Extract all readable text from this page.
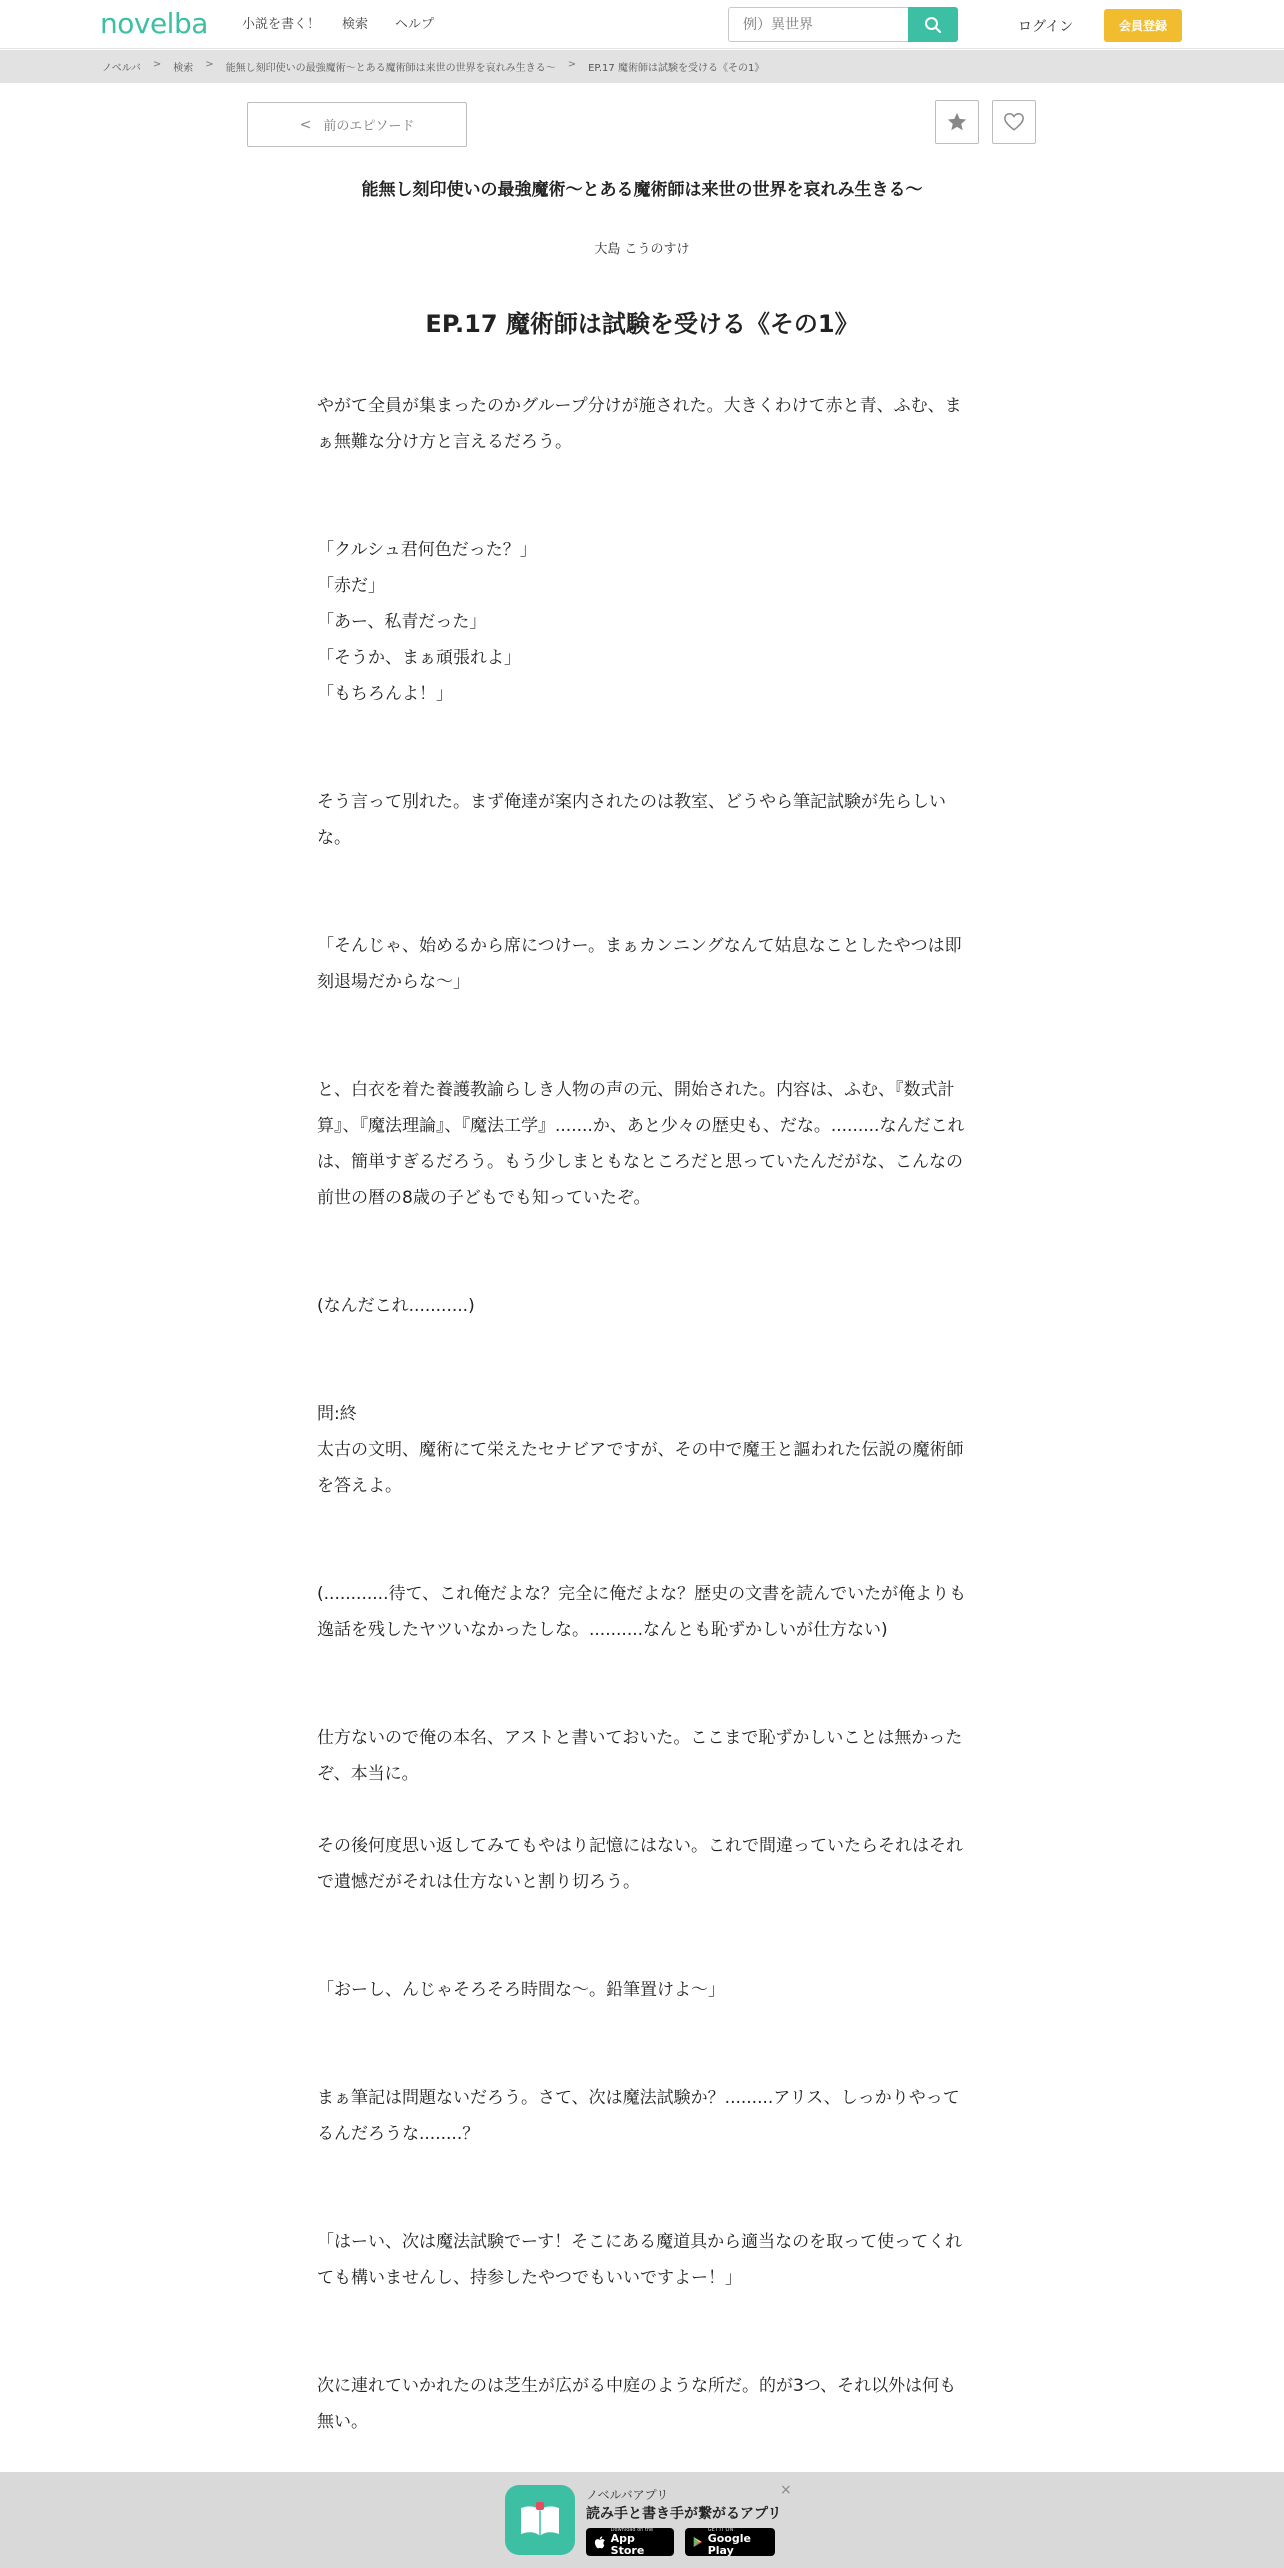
novelba	小説を書く！ 検索 ヘルプ
例）異世界	ログイン	会員登録
ノベルバ > 検索 > 能無し刻印使いの最強魔術〜とある魔術師は来世の世界を哀れみ生きる〜 > EP.17 魔術師は試験を受ける《その1》
< 前のエピソード
能無し刻印使いの最強魔術〜とある魔術師は来世の世界を哀れみ生きる〜
大島 こうのすけ
EP.17 魔術師は試験を受ける《その1》

やがて全員が集まったのかグループ分けが施された。大きくわけて赤と青、ふむ、まぁ無難な分け方と言えるだろう。

「クルシュ君何色だった？」

「赤だ」

「あー、私青だった」

「そうか、まぁ頑張れよ」

「もちろんよ！」

そう言って別れた。まず俺達が案内されたのは教室、どうやら筆記試験が先らしいな。

「そんじゃ、始めるから席につけー。まぁカンニングなんて姑息なことしたやつは即刻退場だからな〜」

と、白衣を着た養護教諭らしき人物の声の元、開始された。内容は、ふむ、『数式計算』、『魔法理論』、『魔法工学』.......か、あと少々の歴史も、だな。.........なんだこれは、簡単すぎるだろう。もう少しまともなところだと思っていたんだがな、こんなの前世の暦の8歳の子どもでも知っていたぞ。

(なんだこれ...........)

問:終

太古の文明、魔術にて栄えたセナビアですが、その中で魔王と謳われた伝説の魔術師を答えよ。

(............待て、これ俺だよな？完全に俺だよな？歴史の文書を読んでいたが俺よりも逸話を残したヤツいなかったしな。..........なんとも恥ずかしいが仕方ない)

仕方ないので俺の本名、アストと書いておいた。ここまで恥ずかしいことは無かったぞ、本当に。

その後何度思い返してみてもやはり記憶にはない。これで間違っていたらそれはそれで遺憾だがそれは仕方ないと割り切ろう。

「おーし、んじゃそろそろ時間な〜。鉛筆置けよ〜」

まぁ筆記は問題ないだろう。さて、次は魔法試験か？.........アリス、しっかりやってるんだろうな........？

「はーい、次は魔法試験でーす！そこにある魔道具から適当なのを取って使ってくれても構いませんし、持参したやつでもいいですよー！」

次に連れていかれたのは芝生が広がる中庭のような所だ。的が3つ、それ以外は何も無い。

ノベルバアプリ
読み手と書き手が繋がるアプリ
×
Download on the
App Store
GET IT ON
Google Play
